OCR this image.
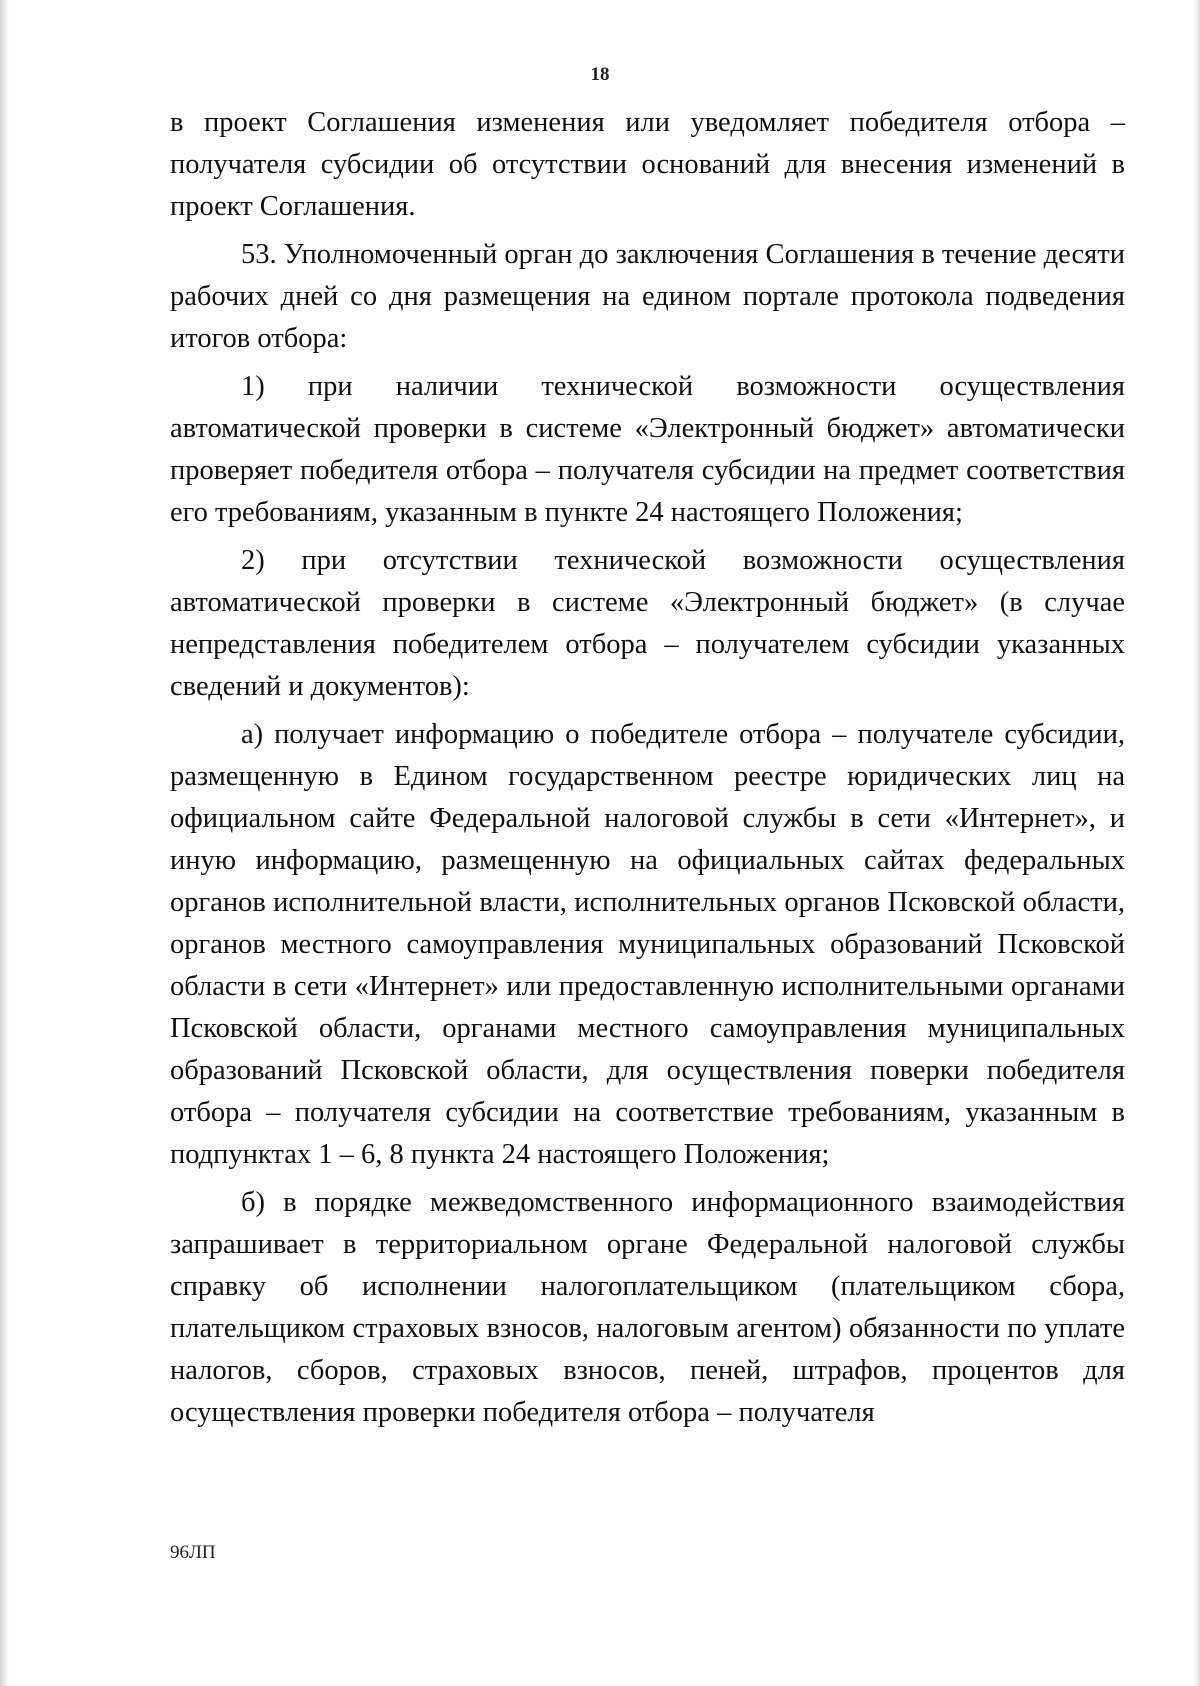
18

в проект Соглашения изменения или уведомляет победителя отбора – получателя субсидии об отсутствии оснований для внесения изменений в проект Соглашения.

53. Уполномоченный орган до заключения Соглашения в течение десяти рабочих дней со дня размещения на едином портале протокола подведения итогов отбора:

1) при наличии технической возможности осуществления автоматической проверки в системе «Электронный бюджет» автоматически проверяет победителя отбора – получателя субсидии на предмет соответствия его требованиям, указанным в пункте 24 настоящего Положения;

2) при отсутствии технической возможности осуществления автоматической проверки в системе «Электронный бюджет» (в случае непредставления победителем отбора – получателем субсидии указанных сведений и документов):

а) получает информацию о победителе отбора – получателе субсидии, размещенную в Едином государственном реестре юридических лиц на официальном сайте Федеральной налоговой службы в сети «Интернет», и иную информацию, размещенную на официальных сайтах федеральных органов исполнительной власти, исполнительных органов Псковской области, органов местного самоуправления муниципальных образований Псковской области в сети «Интернет» или предоставленную исполнительными органами Псковской области, органами местного самоуправления муниципальных образований Псковской области, для осуществления поверки победителя отбора – получателя субсидии на соответствие требованиям, указанным в подпунктах 1 – 6, 8 пункта 24 настоящего Положения;

б) в порядке межведомственного информационного взаимодействия запрашивает в территориальном органе Федеральной налоговой службы справку об исполнении налогоплательщиком (плательщиком сбора, плательщиком страховых взносов, налоговым агентом) обязанности по уплате налогов, сборов, страховых взносов, пеней, штрафов, процентов для осуществления проверки победителя отбора – получателя

96ЛП
